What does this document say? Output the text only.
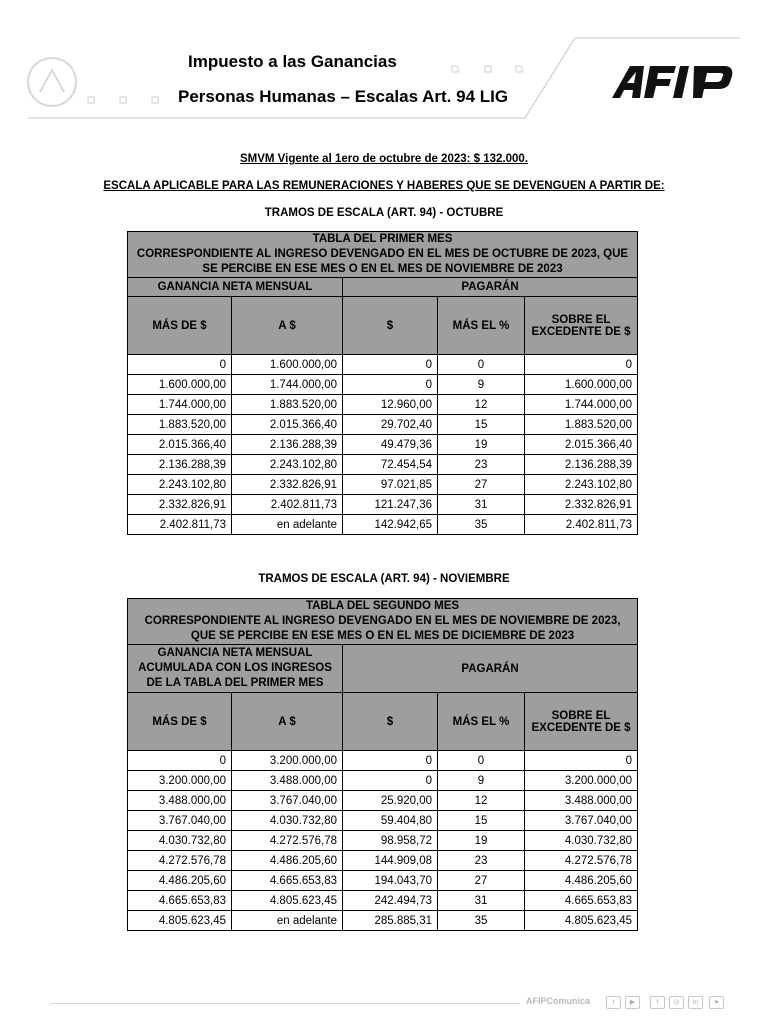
Impuesto a las Ganancias
Personas Humanas – Escalas Art. 94 LIG
SMVM Vigente al 1ero de octubre de 2023: $ 132.000.
ESCALA APLICABLE PARA LAS REMUNERACIONES Y HABERES QUE SE DEVENGUEN A PARTIR DE:
TRAMOS DE ESCALA (ART. 94) - OCTUBRE
TABLA DEL PRIMER MES
CORRESPONDIENTE AL INGRESO DEVENGADO EN EL MES DE OCTUBRE DE 2023, QUE SE PERCIBE EN ESE MES O EN EL MES DE NOVIEMBRE DE 2023				

GANANCIA NETA MENSUAL		PAGARÁN		
MÁS DE $	A $	$	MÁS EL %	SOBRE EL EXCEDENTE DE $
0	1.600.000,00	0	0	0
1.600.000,00	1.744.000,00	0	9	1.600.000,00
1.744.000,00	1.883.520,00	12.960,00	12	1.744.000,00
1.883.520,00	2.015.366,40	29.702,40	15	1.883.520,00
2.015.366,40	2.136.288,39	49.479,36	19	2.015.366,40
2.136.288,39	2.243.102,80	72.454,54	23	2.136.288,39
2.243.102,80	2.332.826,91	97.021,85	27	2.243.102,80
2.332.826,91	2.402.811,73	121.247,36	31	2.332.826,91
2.402.811,73	en adelante	142.942,65	35	2.402.811,73
TRAMOS DE ESCALA (ART. 94) - NOVIEMBRE
TABLA DEL SEGUNDO MES
CORRESPONDIENTE AL INGRESO DEVENGADO EN EL MES DE NOVIEMBRE DE 2023, QUE SE PERCIBE EN ESE MES O EN EL MES DE DICIEMBRE DE 2023				

GANANCIA NETA MENSUAL ACUMULADA CON LOS INGRESOS DE LA TABLA DEL PRIMER MES		PAGARÁN		
MÁS DE $	A $	$	MÁS EL %	SOBRE EL EXCEDENTE DE $
0	3.200.000,00	0	0	0
3.200.000,00	3.488.000,00	0	9	3.200.000,00
3.488.000,00	3.767.040,00	25.920,00	12	3.488.000,00
3.767.040,00	4.030.732,80	59.404,80	15	3.767.040,00
4.030.732,80	4.272.576,78	98.958,72	19	4.030.732,80
4.272.576,78	4.486.205,60	144.909,08	23	4.272.576,78
4.486.205,60	4.665.653,83	194.043,70	27	4.486.205,60
4.665.653,83	4.805.623,45	242.494,73	31	4.665.653,83
4.805.623,45	en adelante	285.885,31	35	4.805.623,45
AFIPComunica	t	▶	f	◎	in	➤
